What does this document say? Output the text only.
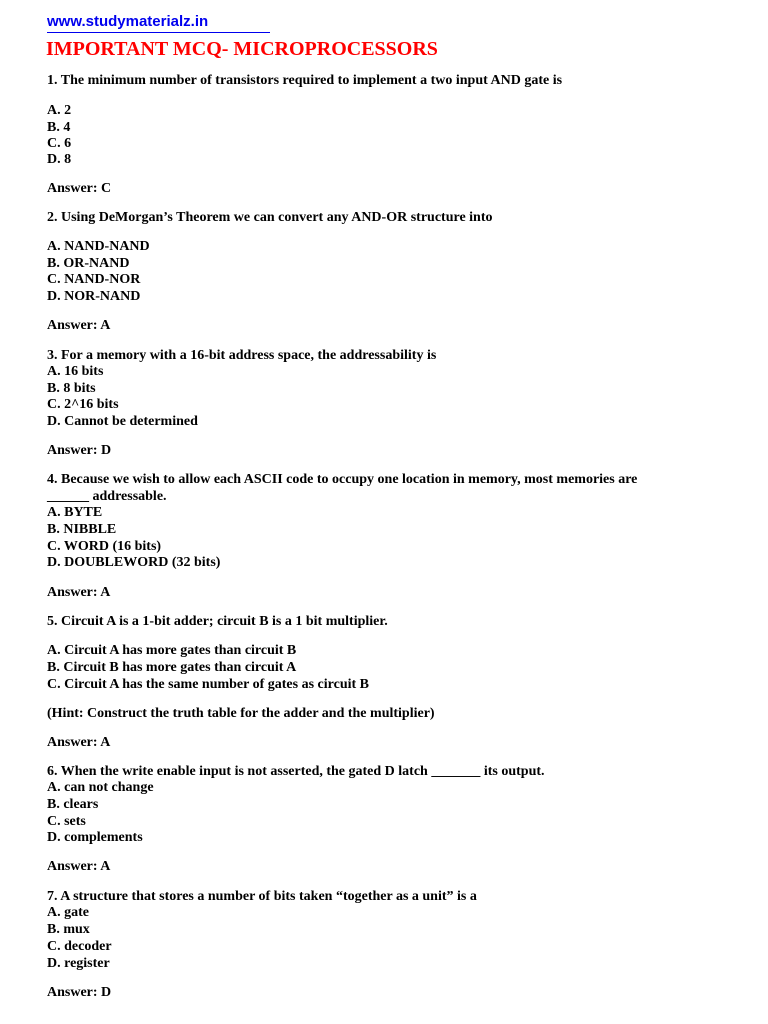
www.studymaterialz.in
IMPORTANT MCQ- MICROPROCESSORS
1. The minimum number of transistors required to implement a two input AND gate is
A. 2
B. 4
C. 6
D. 8
Answer: C
2. Using DeMorgan’s Theorem we can convert any AND-OR structure into
A. NAND-NAND
B. OR-NAND
C. NAND-NOR
D. NOR-NAND
Answer: A
3. For a memory with a 16-bit address space, the addressability is
A. 16 bits
B. 8 bits
C. 2^16 bits
D. Cannot be determined
Answer: D
4. Because we wish to allow each ASCII code to occupy one location in memory, most memories are
______ addressable.
A. BYTE
B. NIBBLE
C. WORD (16 bits)
D. DOUBLEWORD (32 bits)
Answer: A
5. Circuit A is a 1-bit adder; circuit B is a 1 bit multiplier.
A. Circuit A has more gates than circuit B
B. Circuit B has more gates than circuit A
C. Circuit A has the same number of gates as circuit B
(Hint: Construct the truth table for the adder and the multiplier)
Answer: A
6. When the write enable input is not asserted, the gated D latch _______ its output.
A. can not change
B. clears
C. sets
D. complements
Answer: A
7. A structure that stores a number of bits taken “together as a unit” is a
A. gate
B. mux
C. decoder
D. register
Answer: D
